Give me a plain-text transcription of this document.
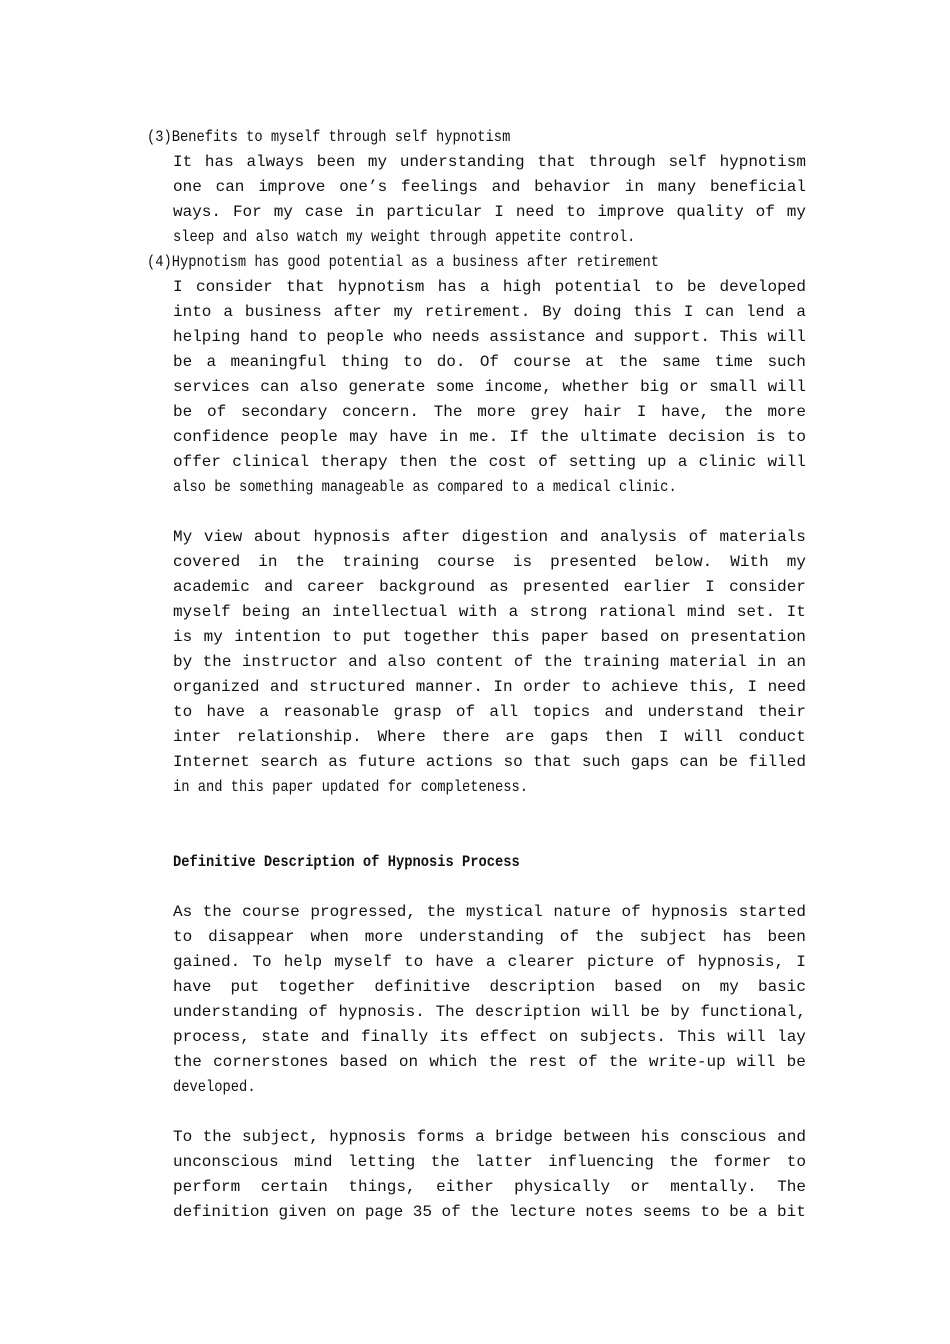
(3)Benefits to myself through self hypnotism
It has always been my understanding that through self hypnotism
one can improve one’s feelings and behavior in many beneficial
ways. For my case in particular I need to improve quality of my
sleep and also watch my weight through appetite control.
(4)Hypnotism has good potential as a business after retirement
I consider that hypnotism has a high potential to be developed
into a business after my retirement. By doing this I can lend a
helping hand to people who needs assistance and support. This will
be a meaningful thing to do. Of course at the same time such
services can also generate some income, whether big or small will
be of secondary concern. The more grey hair I have, the more
confidence people may have in me. If the ultimate decision is to
offer clinical therapy then the cost of setting up a clinic will
also be something manageable as compared to a medical clinic.
My view about hypnosis after digestion and analysis of materials
covered in the training course is presented below. With my
academic and career background as presented earlier I consider
myself being an intellectual with a strong rational mind set. It
is my intention to put together this paper based on presentation
by the instructor and also content of the training material in an
organized and structured manner. In order to achieve this, I need
to have a reasonable grasp of all topics and understand their
inter relationship. Where there are gaps then I will conduct
Internet search as future actions so that such gaps can be filled
in and this paper updated for completeness.
Definitive Description of Hypnosis Process
As the course progressed, the mystical nature of hypnosis started
to disappear when more understanding of the subject has been
gained. To help myself to have a clearer picture of hypnosis, I
have put together definitive description based on my basic
understanding of hypnosis. The description will be by functional,
process, state and finally its effect on subjects. This will lay
the cornerstones based on which the rest of the write-up will be
developed.
To the subject, hypnosis forms a bridge between his conscious and
unconscious mind letting the latter influencing the former to
perform certain things, either physically or mentally. The
definition given on page 35 of the lecture notes seems to be a bit
